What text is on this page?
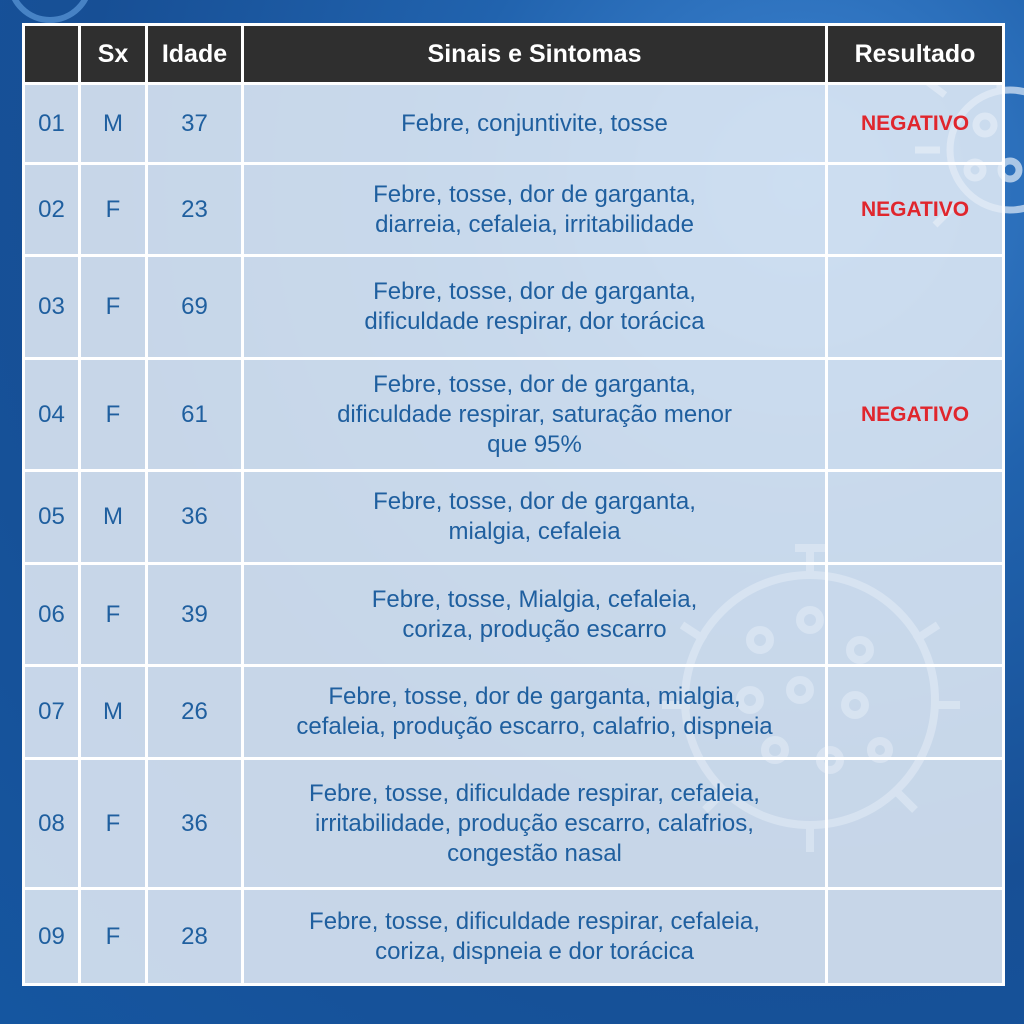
	Sx	Idade	Sinais e Sintomas	Resultado
01	M	37	Febre, conjuntivite, tosse	NEGATIVO
02	F	23	Febre, tosse, dor de garganta,
diarreia, cefaleia, irritabilidade	NEGATIVO
03	F	69	Febre, tosse, dor de garganta,
dificuldade respirar, dor torácica	
04	F	61	Febre, tosse, dor de garganta,
dificuldade respirar, saturação menor
que 95%	NEGATIVO
05	M	36	Febre, tosse, dor de garganta,
mialgia, cefaleia	
06	F	39	Febre, tosse, Mialgia, cefaleia,
coriza, produção escarro	
07	M	26	Febre, tosse, dor de garganta, mialgia,
cefaleia, produção escarro, calafrio, dispneia	
08	F	36	Febre, tosse, dificuldade respirar, cefaleia,
irritabilidade, produção escarro, calafrios,
congestão nasal	
09	F	28	Febre, tosse, dificuldade respirar, cefaleia,
coriza, dispneia e dor torácica	
